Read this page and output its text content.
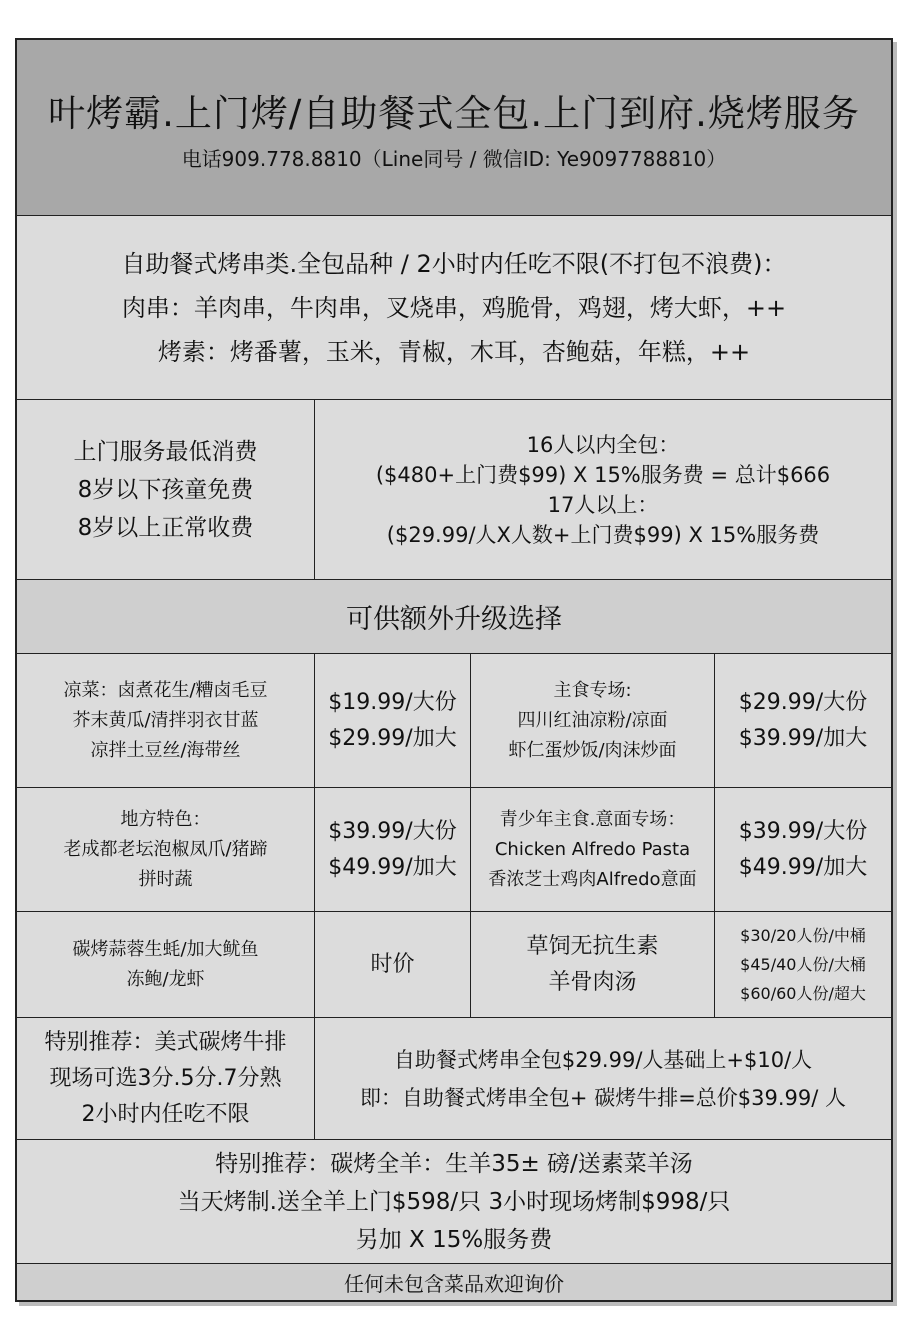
叶烤霸.上门烤/自助餐式全包.上门到府.烧烤服务
电话909.778.8810（Line同号 / 微信ID: Ye9097788810）
自助餐式烤串类.全包品种 / 2小时内任吃不限(不打包不浪费)：
肉串：羊肉串，牛肉串，叉烧串，鸡脆骨，鸡翅，烤大虾，++
烤素：烤番薯，玉米，青椒，木耳，杏鲍菇，年糕，++
上门服务最低消费
8岁以下孩童免费
8岁以上正常收费
16人以内全包：
($480+上门费$99) X 15%服务费 = 总计$666
17人以上：
($29.99/人X人数+上门费$99) X 15%服务费
可供额外升级选择
凉菜：卤煮花生/糟卤毛豆
芥末黄瓜/清拌羽衣甘蓝
凉拌土豆丝/海带丝
$19.99/大份
$29.99/加大
主食专场:
四川红油凉粉/凉面
虾仁蛋炒饭/肉沫炒面
$29.99/大份
$39.99/加大
地方特色：
老成都老坛泡椒凤爪/猪蹄
拼时蔬
$39.99/大份
$49.99/加大
青少年主食.意面专场：
Chicken Alfredo Pasta
香浓芝士鸡肉Alfredo意面
$39.99/大份
$49.99/加大
碳烤蒜蓉生蚝/加大鱿鱼
冻鲍/龙虾
时价
草饲无抗生素
羊骨肉汤
$30/20人份/中桶
$45/40人份/大桶
$60/60人份/超大
特别推荐：美式碳烤牛排
现场可选3分.5分.7分熟
2小时内任吃不限
自助餐式烤串全包$29.99/人基础上+$10/人
即：自助餐式烤串全包+ 碳烤牛排=总价$39.99/ 人
特别推荐：碳烤全羊：生羊35± 磅/送素菜羊汤
当天烤制.送全羊上门$598/只 3小时现场烤制$998/只
另加 X 15%服务费
任何未包含菜品欢迎询价
